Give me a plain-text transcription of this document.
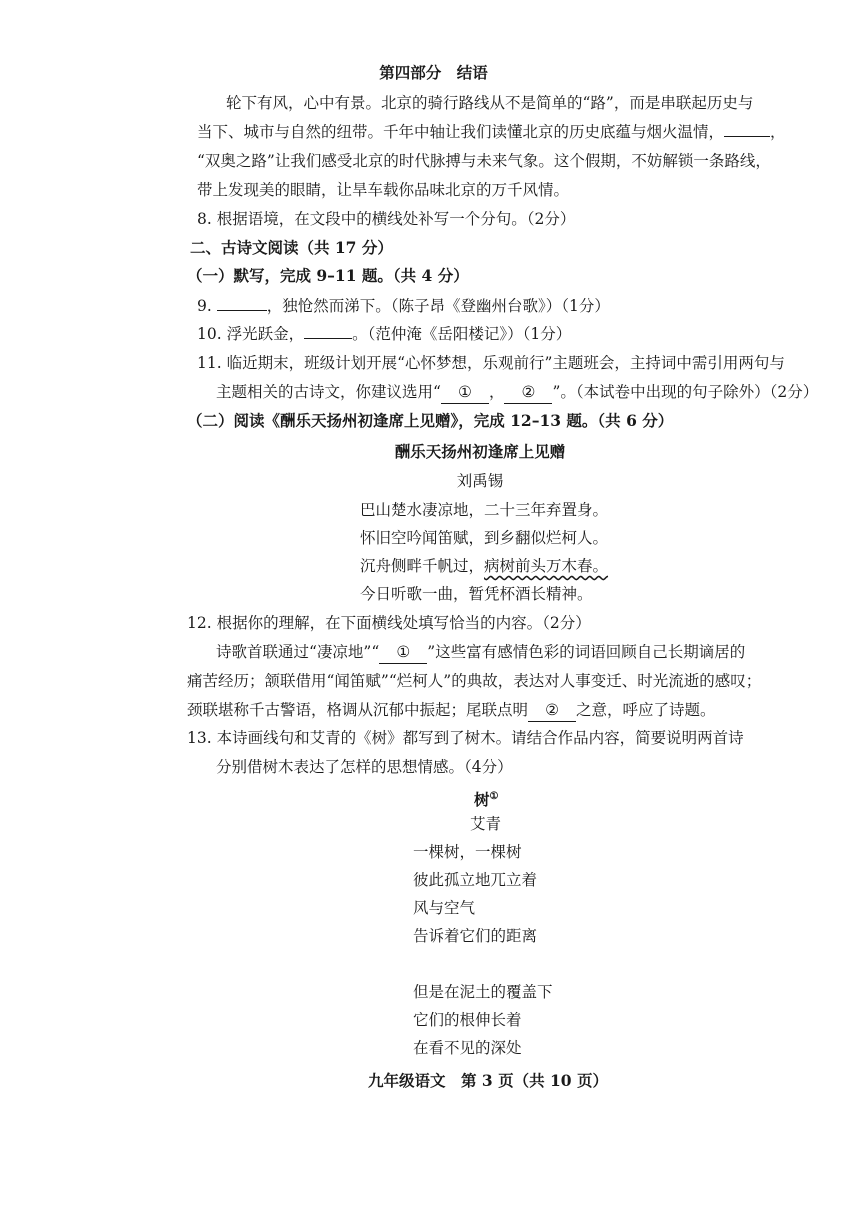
第四部分　结语
轮下有风，心中有景。北京的骑行路线从不是简单的“路”，而是串联起历史与
当下、城市与自然的纽带。千年中轴让我们读懂北京的历史底蕴与烟火温情，	，
“双奥之路”让我们感受北京的时代脉搏与未来气象。这个假期，不妨解锁一条路线，
带上发现美的眼睛，让旱车载你品味北京的万千风情。
8. 根据语境，在文段中的横线处补写一个分句。（2分）
二、古诗文阅读（共 17 分）
（一）默写，完成 9–11 题。（共 4 分）
9.	，独怆然而涕下。（陈子昂《登幽州台歌》）（1分）
10. 浮光跃金，	。（范仲淹《岳阳楼记》）（1分）
11. 临近期末，班级计划开展“心怀梦想，乐观前行”主题班会，主持词中需引用两句与
主题相关的古诗文，你建议选用“ ① ， ② ”。（本试卷中出现的句子除外）（2分）
（二）阅读《酬乐天扬州初逢席上见赠》，完成 12–13 题。（共 6 分）
酬乐天扬州初逢席上见赠
刘禹锡
巴山楚水凄凉地，二十三年弃置身。
怀旧空吟闻笛赋，到乡翻似烂柯人。
沉舟侧畔千帆过，病树前头万木春。
今日听歌一曲，暂凭杯酒长精神。
12. 根据你的理解，在下面横线处填写恰当的内容。（2分）
诗歌首联通过“凄凉地”“ ① ”这些富有感情色彩的词语回顾自己长期谪居的
痛苦经历；颔联借用“闻笛赋”“烂柯人”的典故，表达对人事变迁、时光流逝的感叹；
颈联堪称千古警语，格调从沉郁中振起；尾联点明 ② 之意，呼应了诗题。
13. 本诗画线句和艾青的《树》都写到了树木。请结合作品内容，简要说明两首诗
分别借树木表达了怎样的思想情感。（4分）
树①
艾青
一棵树，一棵树
彼此孤立地兀立着
风与空气
告诉着它们的距离
但是在泥土的覆盖下
它们的根伸长着
在看不见的深处
九年级语文　第 3 页（共 10 页）
